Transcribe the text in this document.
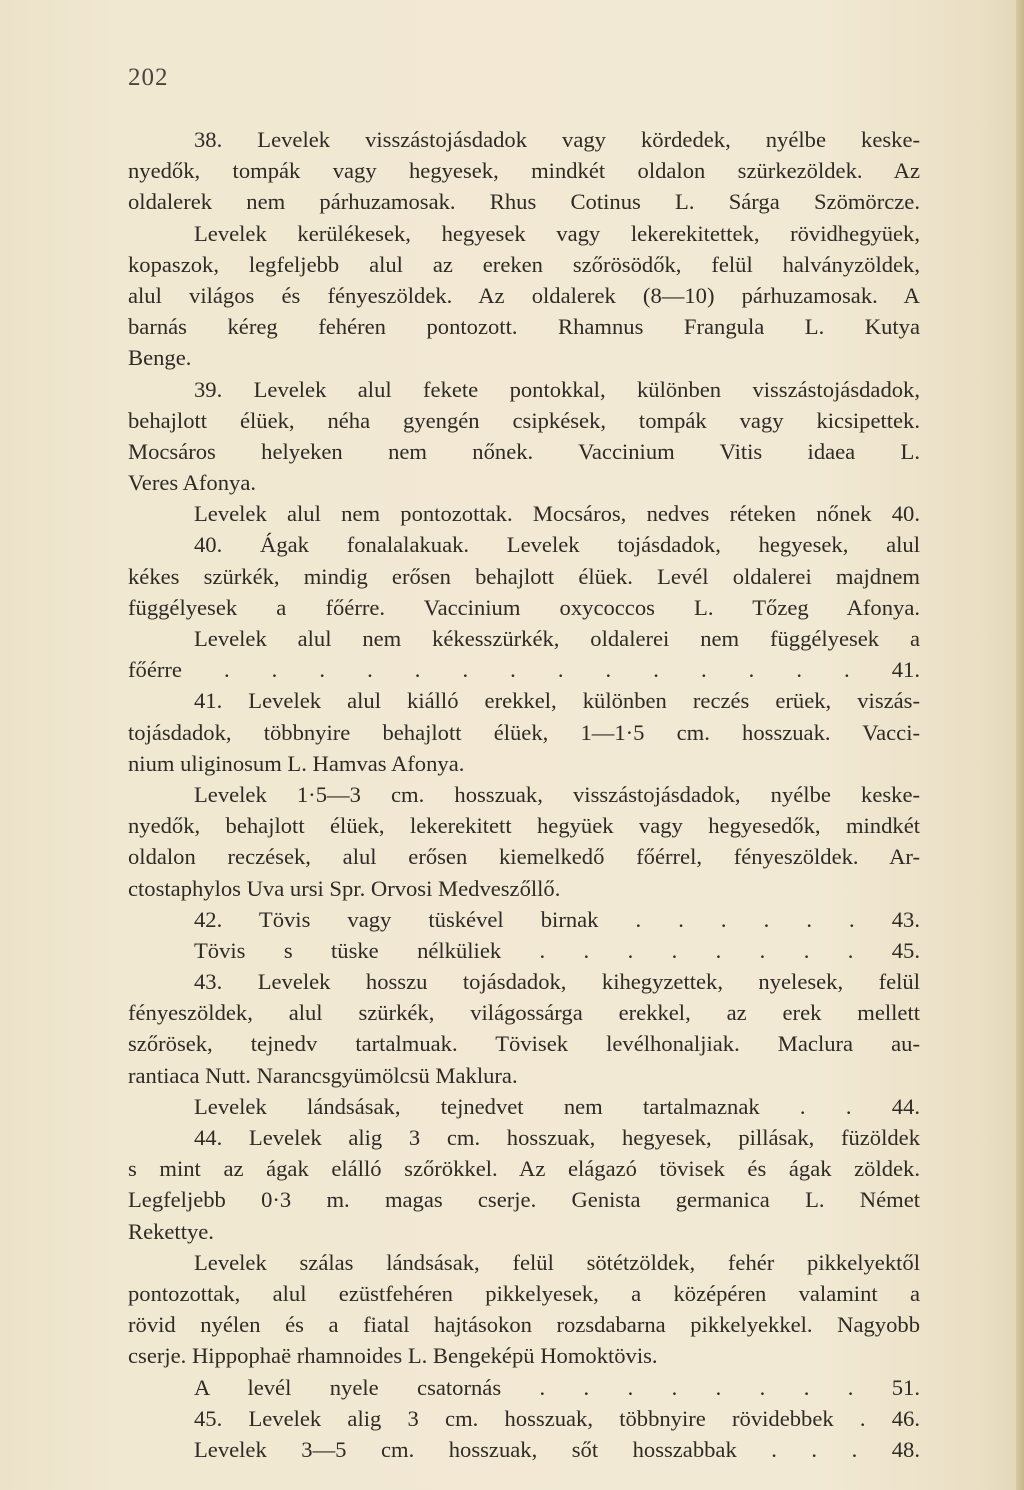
202
38. Levelek visszástojásdadok vagy kördedek, nyélbe keske-
nyedők, tompák vagy hegyesek, mindkét oldalon szürkezöldek. Az
oldalerek nem párhuzamosak. Rhus Cotinus L. Sárga Szömörcze.
Levelek kerülékesek, hegyesek vagy lekerekitettek, rövidhegyüek,
kopaszok, legfeljebb alul az ereken szőrösödők, felül halványzöldek,
alul világos és fényeszöldek. Az oldalerek (8—10) párhuzamosak. A
barnás kéreg fehéren pontozott. Rhamnus Frangula L. Kutya
Benge.
39. Levelek alul fekete pontokkal, különben visszástojásdadok,
behajlott élüek, néha gyengén csipkések, tompák vagy kicsipettek.
Mocsáros helyeken nem nőnek. Vaccinium Vitis idaea L.
Veres Afonya.
Levelek alul nem pontozottak. Mocsáros, nedves réteken nőnek 40.
40. Ágak fonalalakuak. Levelek tojásdadok, hegyesek, alul
kékes szürkék, mindig erősen behajlott élüek. Levél oldalerei majdnem
függélyesek a főérre. Vaccinium oxycoccos L. Tőzeg Afonya.
Levelek alul nem kékesszürkék, oldalerei nem függélyesek a
főérre . . . . . . . . . . . . . . 41.
41. Levelek alul kiálló erekkel, különben reczés erüek, viszás-
tojásdadok, többnyire behajlott élüek, 1—1·5 cm. hosszuak. Vacci-
nium uliginosum L. Hamvas Afonya.
Levelek 1·5—3 cm. hosszuak, visszástojásdadok, nyélbe keske-
nyedők, behajlott élüek, lekerekitett hegyüek vagy hegyesedők, mindkét
oldalon reczések, alul erősen kiemelkedő főérrel, fényeszöldek. Ar-
ctostaphylos Uva ursi Spr. Orvosi Medveszőllő.
42. Tövis vagy tüskével birnak . . . . . . 43.
Tövis s tüske nélküliek . . . . . . . . 45.
43. Levelek hosszu tojásdadok, kihegyzettek, nyelesek, felül
fényeszöldek, alul szürkék, világossárga erekkel, az erek mellett
szőrösek, tejnedv tartalmuak. Tövisek levélhonaljiak. Maclura au-
rantiaca Nutt. Narancsgyümölcsü Maklura.
Levelek lándsásak, tejnedvet nem tartalmaznak . . 44.
44. Levelek alig 3 cm. hosszuak, hegyesek, pillásak, füzöldek
s mint az ágak elálló szőrökkel. Az elágazó tövisek és ágak zöldek.
Legfeljebb 0·3 m. magas cserje. Genista germanica L. Német
Rekettye.
Levelek szálas lándsásak, felül sötétzöldek, fehér pikkelyektől
pontozottak, alul ezüstfehéren pikkelyesek, a középéren valamint a
rövid nyélen és a fiatal hajtásokon rozsdabarna pikkelyekkel. Nagyobb
cserje. Hippophaë rhamnoides L. Bengeképü Homoktövis.
A levél nyele csatornás . . . . . . . . 51.
45. Levelek alig 3 cm. hosszuak, többnyire rövidebbek . 46.
Levelek 3—5 cm. hosszuak, sőt hosszabbak . . . 48.
